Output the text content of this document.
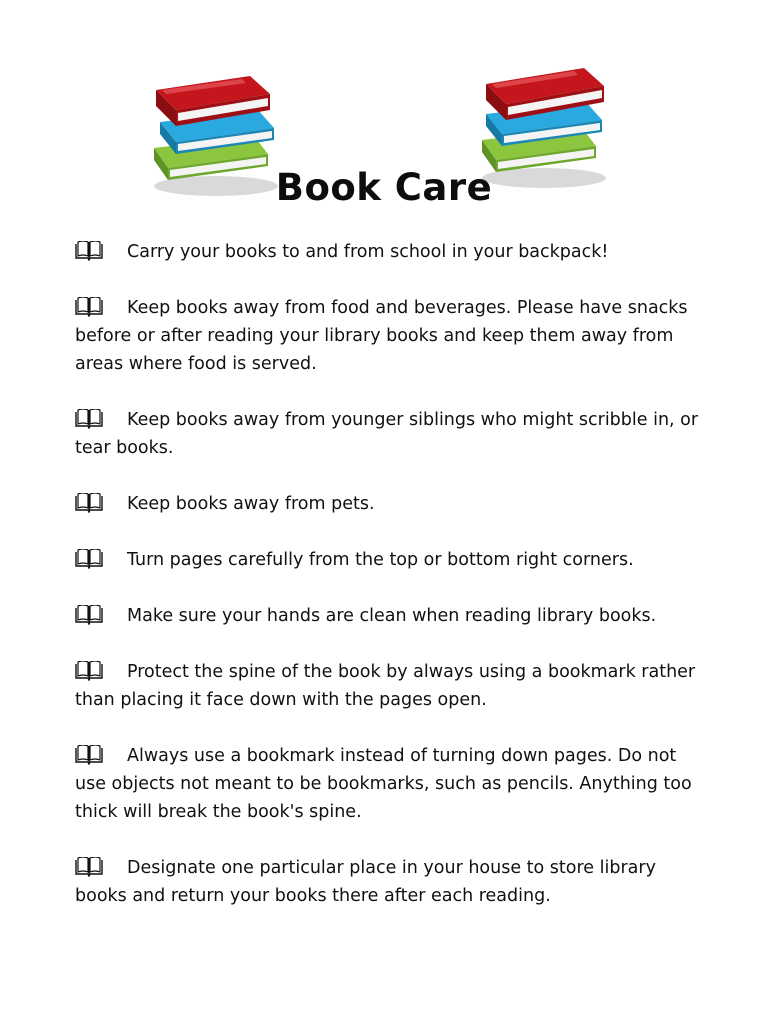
Book Care
Carry your books to and from school in your backpack!
Keep books away from food and beverages. Please have snacks before or after reading your library books and keep them away from areas where food is served.
Keep books away from younger siblings who might scribble in, or tear books.
Keep books away from pets.
Turn pages carefully from the top or bottom right corners.
Make sure your hands are clean when reading library books.
Protect the spine of the book by always using a bookmark rather than placing it face down with the pages open.
Always use a bookmark instead of turning down pages. Do not use objects not meant to be bookmarks, such as pencils. Anything too thick will break the book's spine.
Designate one particular place in your house to store library books and return your books there after each reading.
